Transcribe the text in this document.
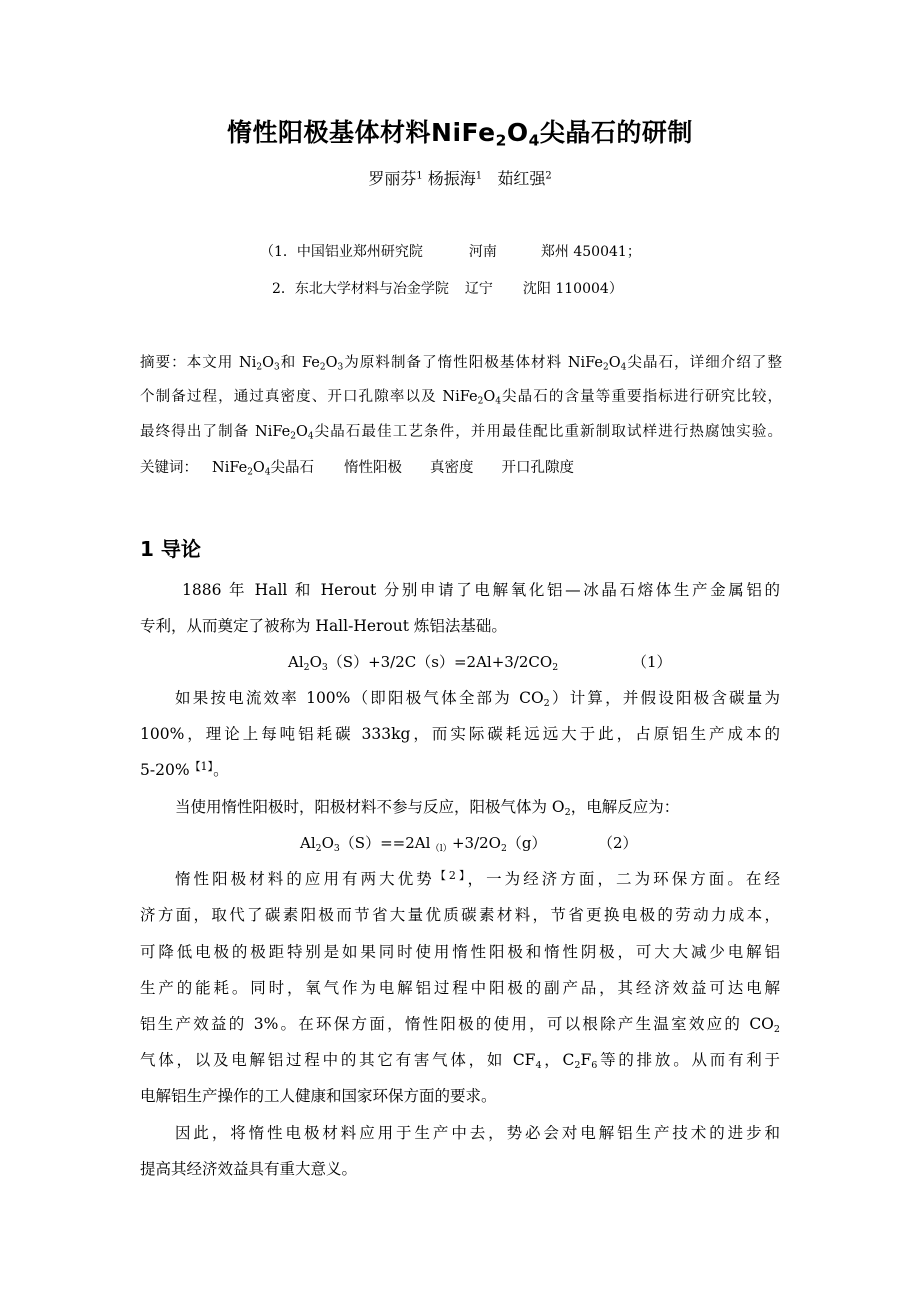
惰性阳极基体材料$NiFe_2O_4$尖晶石的研制
罗丽芬$^1$ 杨振海$^1$ 茹红强$^2$
（1．中国铝业郑州研究院	河南	郑州 450041；
2．东北大学材料与冶金学院 辽宁 沈阳 110004）
摘要：本文用 $Ni_2O_3$和 $Fe_2O_3$为原料制备了惰性阳极基体材料 $NiFe_2O_4$尖晶石，详细介绍了整
个制备过程，通过真密度、开口孔隙率以及 $NiFe_2O_4$尖晶石的含量等重要指标进行研究比较，
最终得出了制备 $NiFe_2O_4$尖晶石最佳工艺条件，并用最佳配比重新制取试样进行热腐蚀实验。
关键词： $NiFe_2O_4$尖晶石 惰性阳极 真密度 开口孔隙度
1 导论
1886 年 Hall 和 Herout 分别申请了电解氧化铝—冰晶石熔体生产金属铝的
专利，从而奠定了被称为 Hall-Herout 炼铝法基础。
$Al_2O_3(S)+3/2C(s)=2Al+3/2CO_2$	（1）
如果按电流效率 100%（即阳极气体全部为 $CO_2$）计算，并假设阳极含碳量为
100%，理论上每吨铝耗碳 333kg，而实际碳耗远远大于此，占原铝生产成本的
5-20%$^{【1】}$。
当使用惰性阳极时，阳极材料不参与反应，阳极气体为 $O_2$，电解反应为：
$Al_2O_3(S)==2Al_{(l)}+3/2O_2(g)$	（2）
惰性阳极材料的应用有两大优势$^{【2】}$，一为经济方面，二为环保方面。在经
济方面，取代了碳素阳极而节省大量优质碳素材料，节省更换电极的劳动力成本，
可降低电极的极距特别是如果同时使用惰性阳极和惰性阴极，可大大减少电解铝
生产的能耗。同时，氧气作为电解铝过程中阳极的副产品，其经济效益可达电解
铝生产效益的 3%。在环保方面，惰性阳极的使用，可以根除产生温室效应的 $CO_2$
气体，以及电解铝过程中的其它有害气体，如 $CF_4$，$C_2F_6$等的排放。从而有利于
电解铝生产操作的工人健康和国家环保方面的要求。
因此，将惰性电极材料应用于生产中去，势必会对电解铝生产技术的进步和
提高其经济效益具有重大意义。
